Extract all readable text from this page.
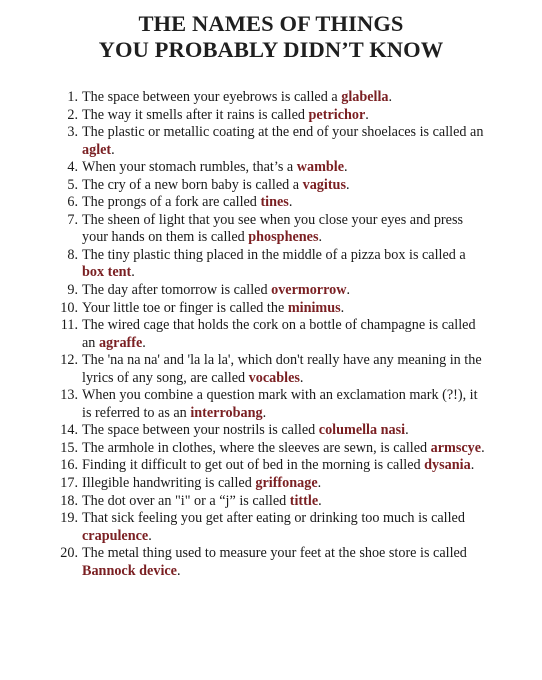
THE NAMES OF THINGS
YOU PROBABLY DIDN’T KNOW
1. The space between your eyebrows is called a glabella.
2. The way it smells after it rains is called petrichor.
3. The plastic or metallic coating at the end of your shoelaces is called an aglet.
4. When your stomach rumbles, that’s a wamble.
5. The cry of a new born baby is called a vagitus.
6. The prongs of a fork are called tines.
7. The sheen of light that you see when you close your eyes and press your hands on them is called phosphenes.
8. The tiny plastic thing placed in the middle of a pizza box is called a box tent.
9. The day after tomorrow is called overmorrow.
10. Your little toe or finger is called the minimus.
11. The wired cage that holds the cork on a bottle of champagne is called an agraffe.
12. The 'na na na' and 'la la la', which don't really have any meaning in the lyrics of any song, are called vocables.
13. When you combine a question mark with an exclamation mark (?!), it is referred to as an interrobang.
14. The space between your nostrils is called columella nasi.
15. The armhole in clothes, where the sleeves are sewn, is called armscye.
16. Finding it difficult to get out of bed in the morning is called dysania.
17. Illegible handwriting is called griffonage.
18. The dot over an "i" or a “j” is called tittle.
19. That sick feeling you get after eating or drinking too much is called crapulence.
20. The metal thing used to measure your feet at the shoe store is called Bannock device.
